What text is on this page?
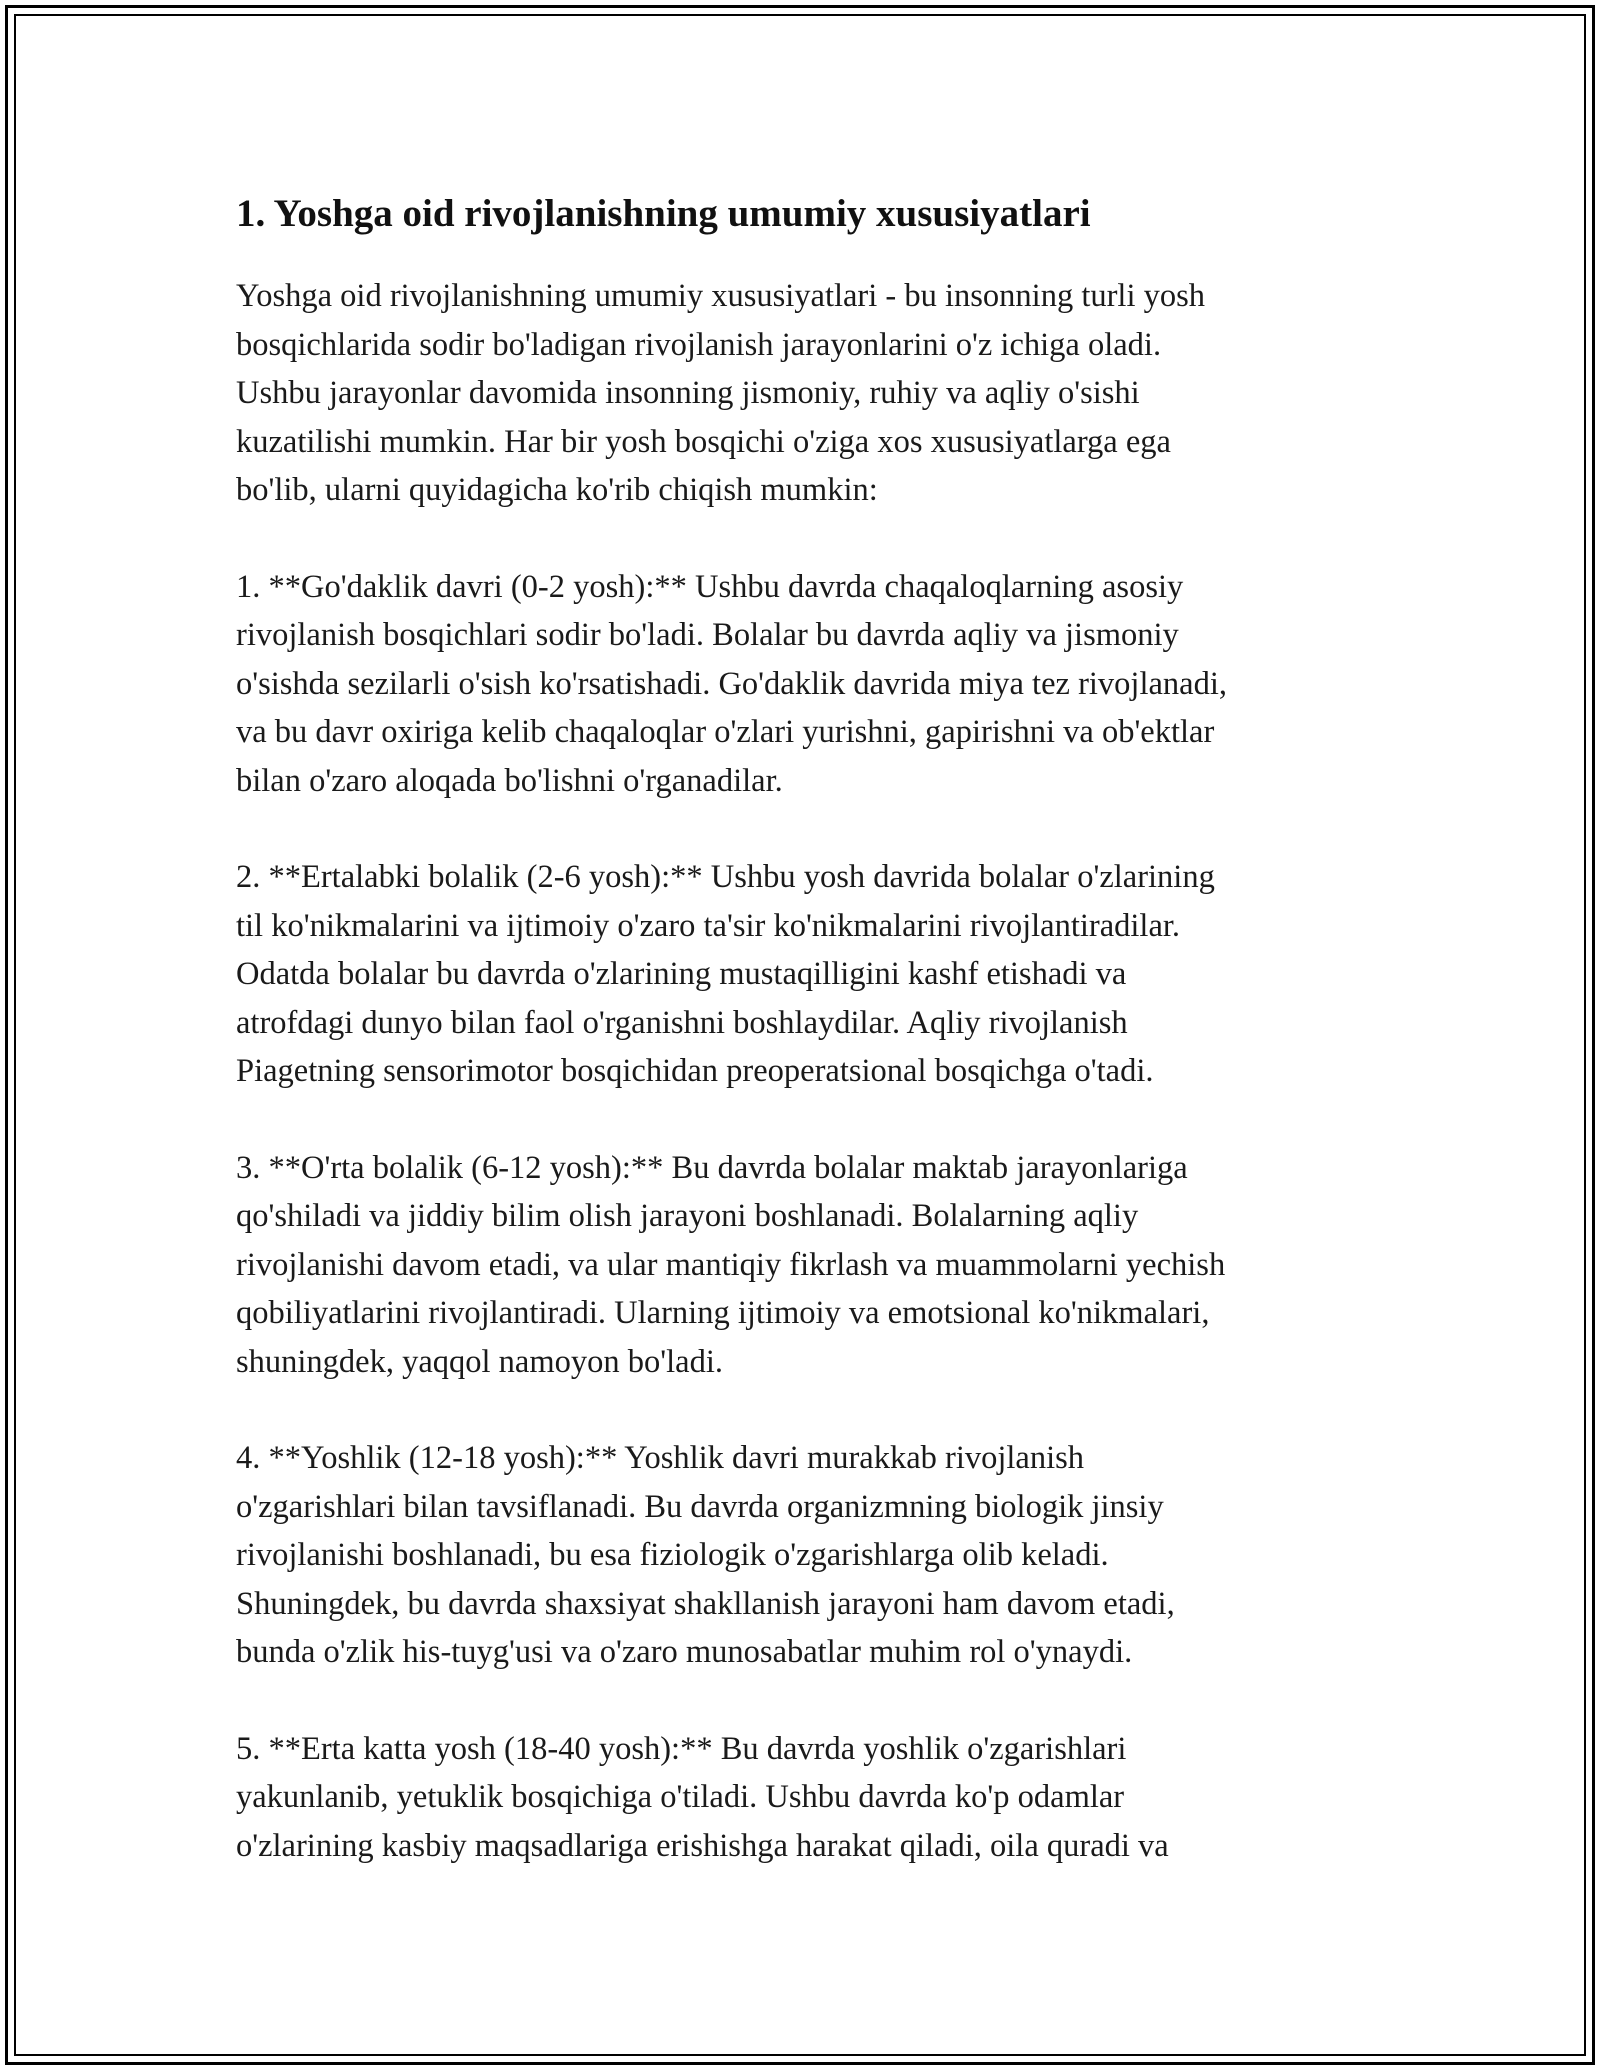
1. Yoshga oid rivojlanishning umumiy xususiyatlari

Yoshga oid rivojlanishning umumiy xususiyatlari - bu insonning turli yosh
bosqichlarida sodir bo'ladigan rivojlanish jarayonlarini o'z ichiga oladi.
Ushbu jarayonlar davomida insonning jismoniy, ruhiy va aqliy o'sishi
kuzatilishi mumkin. Har bir yosh bosqichi o'ziga xos xususiyatlarga ega
bo'lib, ularni quyidagicha ko'rib chiqish mumkin:

1. **Go'daklik davri (0-2 yosh):** Ushbu davrda chaqaloqlarning asosiy
rivojlanish bosqichlari sodir bo'ladi. Bolalar bu davrda aqliy va jismoniy
o'sishda sezilarli o'sish ko'rsatishadi. Go'daklik davrida miya tez rivojlanadi,
va bu davr oxiriga kelib chaqaloqlar o'zlari yurishni, gapirishni va ob'ektlar
bilan o'zaro aloqada bo'lishni o'rganadilar.

2. **Ertalabki bolalik (2-6 yosh):** Ushbu yosh davrida bolalar o'zlarining
til ko'nikmalarini va ijtimoiy o'zaro ta'sir ko'nikmalarini rivojlantiradilar.
Odatda bolalar bu davrda o'zlarining mustaqilligini kashf etishadi va
atrofdagi dunyo bilan faol o'rganishni boshlaydilar. Aqliy rivojlanish
Piagetning sensorimotor bosqichidan preoperatsional bosqichga o'tadi.

3. **O'rta bolalik (6-12 yosh):** Bu davrda bolalar maktab jarayonlariga
qo'shiladi va jiddiy bilim olish jarayoni boshlanadi. Bolalarning aqliy
rivojlanishi davom etadi, va ular mantiqiy fikrlash va muammolarni yechish
qobiliyatlarini rivojlantiradi. Ularning ijtimoiy va emotsional ko'nikmalari,
shuningdek, yaqqol namoyon bo'ladi.

4. **Yoshlik (12-18 yosh):** Yoshlik davri murakkab rivojlanish
o'zgarishlari bilan tavsiflanadi. Bu davrda organizmning biologik jinsiy
rivojlanishi boshlanadi, bu esa fiziologik o'zgarishlarga olib keladi.
Shuningdek, bu davrda shaxsiyat shakllanish jarayoni ham davom etadi,
bunda o'zlik his-tuyg'usi va o'zaro munosabatlar muhim rol o'ynaydi.

5. **Erta katta yosh (18-40 yosh):** Bu davrda yoshlik o'zgarishlari
yakunlanib, yetuklik bosqichiga o'tiladi. Ushbu davrda ko'p odamlar
o'zlarining kasbiy maqsadlariga erishishga harakat qiladi, oila quradi va
